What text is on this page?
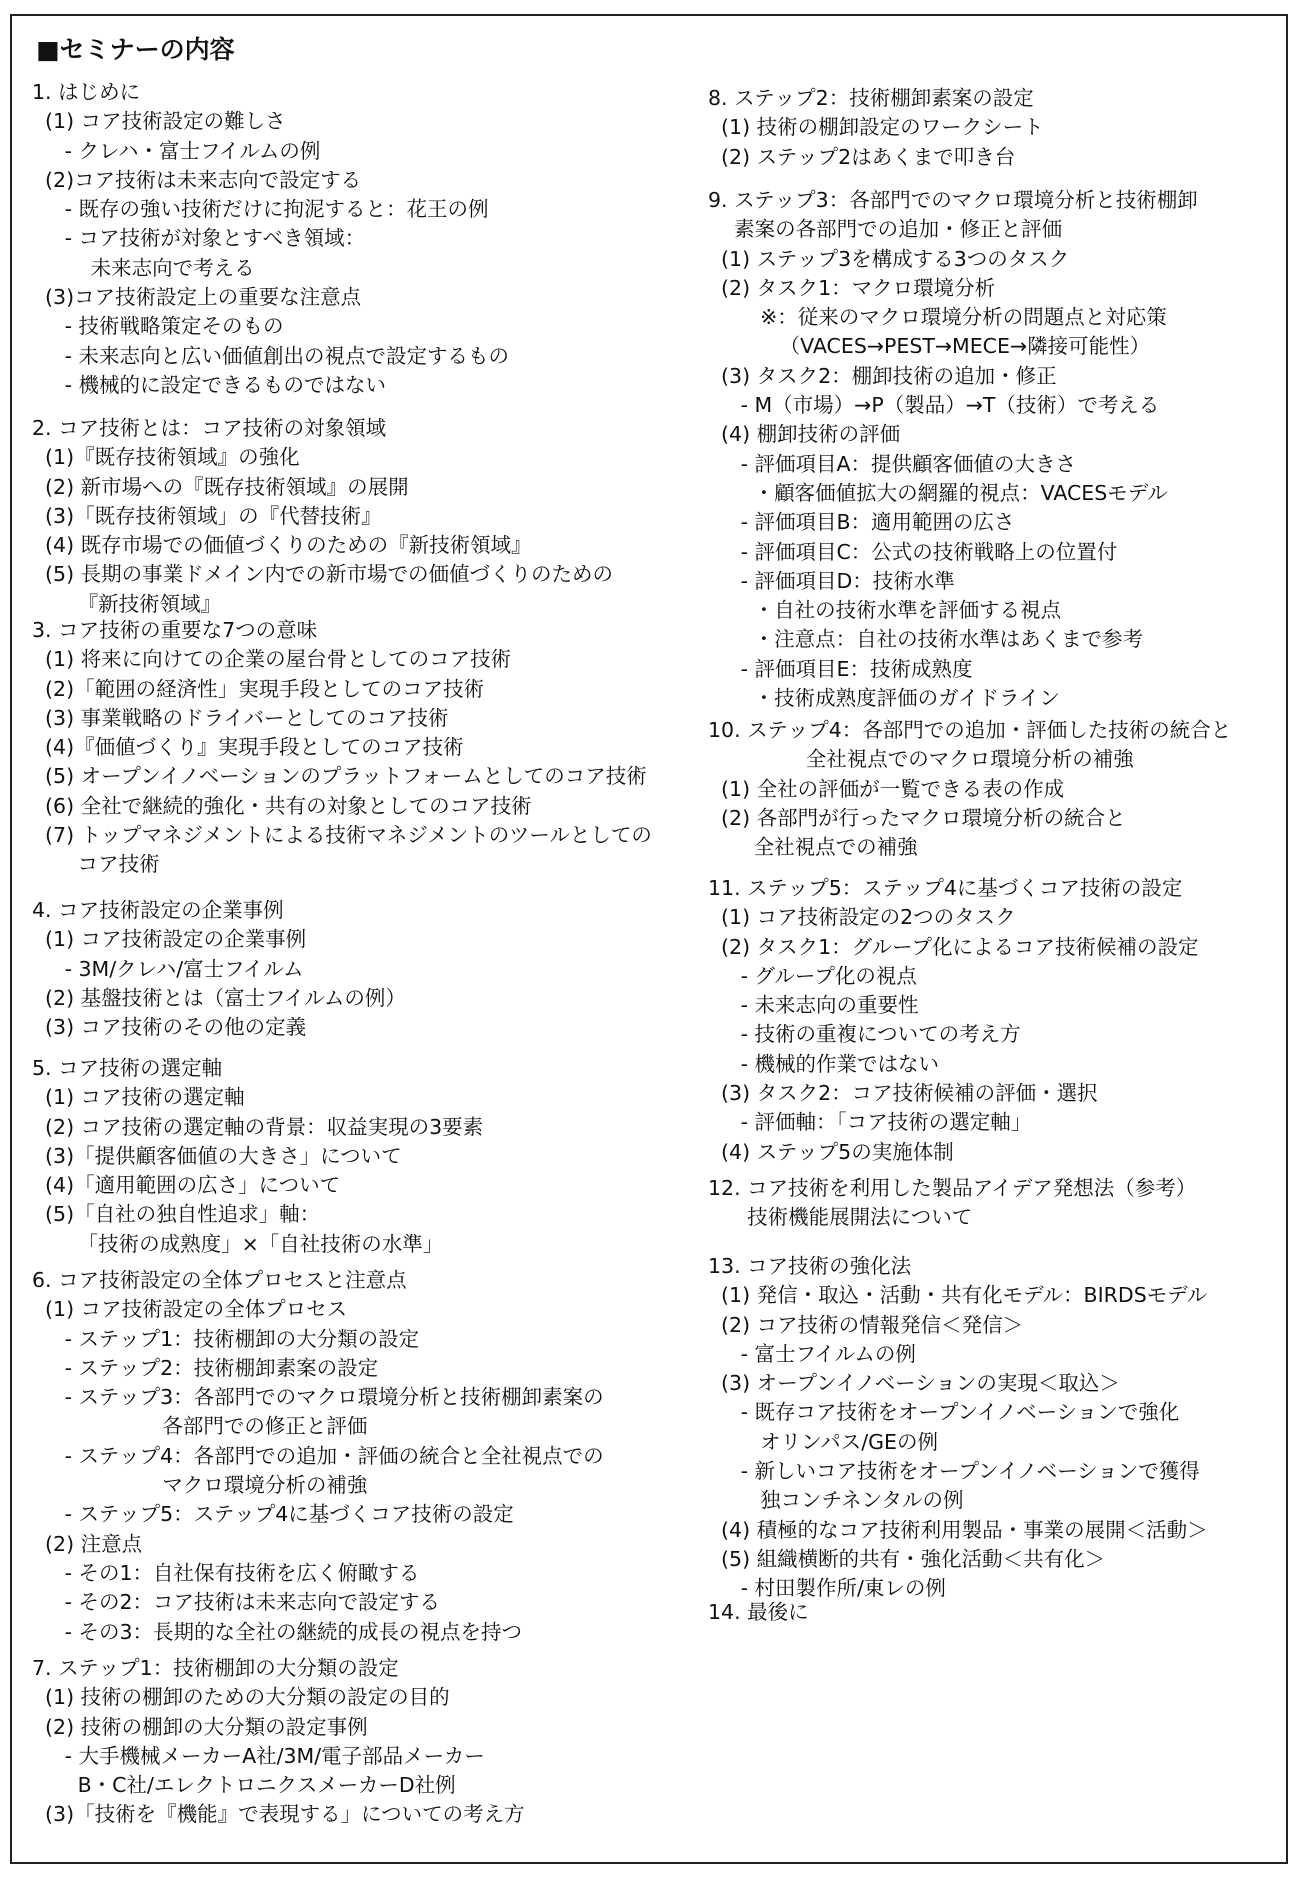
■セミナーの内容
1. はじめに
(1) コア技術設定の難しさ
- クレハ・富士フイルムの例
(2)コア技術は未来志向で設定する
- 既存の強い技術だけに拘泥すると：花王の例
- コア技術が対象とすべき領域：
未来志向で考える
(3)コア技術設定上の重要な注意点
- 技術戦略策定そのもの
- 未来志向と広い価値創出の視点で設定するもの
- 機械的に設定できるものではない
2. コア技術とは：コア技術の対象領域
(1)『既存技術領域』の強化
(2) 新市場への『既存技術領域』の展開
(3)「既存技術領域」の『代替技術』
(4) 既存市場での価値づくりのための『新技術領域』
(5) 長期の事業ドメイン内での新市場での価値づくりのための
『新技術領域』
3. コア技術の重要な7つの意味
(1) 将来に向けての企業の屋台骨としてのコア技術
(2)「範囲の経済性」実現手段としてのコア技術
(3) 事業戦略のドライバーとしてのコア技術
(4)『価値づくり』実現手段としてのコア技術
(5) オープンイノベーションのプラットフォームとしてのコア技術
(6) 全社で継続的強化・共有の対象としてのコア技術
(7) トップマネジメントによる技術マネジメントのツールとしての
コア技術
4. コア技術設定の企業事例
(1) コア技術設定の企業事例
- 3M/クレハ/富士フイルム
(2) 基盤技術とは（富士フイルムの例）
(3) コア技術のその他の定義
5. コア技術の選定軸
(1) コア技術の選定軸
(2) コア技術の選定軸の背景：収益実現の3要素
(3)「提供顧客価値の大きさ」について
(4)「適用範囲の広さ」について
(5)「自社の独自性追求」軸：
「技術の成熟度」×「自社技術の水準」
6. コア技術設定の全体プロセスと注意点
(1) コア技術設定の全体プロセス
- ステップ1：技術棚卸の大分類の設定
- ステップ2：技術棚卸素案の設定
- ステップ3：各部門でのマクロ環境分析と技術棚卸素案の
各部門での修正と評価
- ステップ4：各部門での追加・評価の統合と全社視点での
マクロ環境分析の補強
- ステップ5：ステップ4に基づくコア技術の設定
(2) 注意点
- その1：自社保有技術を広く俯瞰する
- その2：コア技術は未来志向で設定する
- その3：長期的な全社の継続的成長の視点を持つ
7. ステップ1：技術棚卸の大分類の設定
(1) 技術の棚卸のための大分類の設定の目的
(2) 技術の棚卸の大分類の設定事例
- 大手機械メーカーA社/3M/電子部品メーカー
B・C社/エレクトロニクスメーカーD社例
(3)「技術を『機能』で表現する」についての考え方
8. ステップ2：技術棚卸素案の設定
(1) 技術の棚卸設定のワークシート
(2) ステップ2はあくまで叩き台
9. ステップ3：各部門でのマクロ環境分析と技術棚卸
素案の各部門での追加・修正と評価
(1) ステップ3を構成する3つのタスク
(2) タスク1：マクロ環境分析
※：従来のマクロ環境分析の問題点と対応策
（VACES→PEST→MECE→隣接可能性）
(3) タスク2：棚卸技術の追加・修正
- M（市場）→P（製品）→T（技術）で考える
(4) 棚卸技術の評価
- 評価項目A：提供顧客価値の大きさ
・顧客価値拡大の網羅的視点：VACESモデル
- 評価項目B：適用範囲の広さ
- 評価項目C：公式の技術戦略上の位置付
- 評価項目D：技術水準
・自社の技術水準を評価する視点
・注意点：自社の技術水準はあくまで参考
- 評価項目E：技術成熟度
・技術成熟度評価のガイドライン
10. ステップ4：各部門での追加・評価した技術の統合と
全社視点でのマクロ環境分析の補強
(1) 全社の評価が一覧できる表の作成
(2) 各部門が行ったマクロ環境分析の統合と
全社視点での補強
11. ステップ5：ステップ4に基づくコア技術の設定
(1) コア技術設定の2つのタスク
(2) タスク1：グループ化によるコア技術候補の設定
- グループ化の視点
- 未来志向の重要性
- 技術の重複についての考え方
- 機械的作業ではない
(3) タスク2：コア技術候補の評価・選択
- 評価軸：「コア技術の選定軸」
(4) ステップ5の実施体制
12. コア技術を利用した製品アイデア発想法（参考）
技術機能展開法について
13. コア技術の強化法
(1) 発信・取込・活動・共有化モデル：BIRDSモデル
(2) コア技術の情報発信＜発信＞
- 富士フイルムの例
(3) オープンイノベーションの実現＜取込＞
- 既存コア技術をオープンイノベーションで強化
オリンパス/GEの例
- 新しいコア技術をオープンイノベーションで獲得
独コンチネンタルの例
(4) 積極的なコア技術利用製品・事業の展開＜活動＞
(5) 組織横断的共有・強化活動＜共有化＞
- 村田製作所/東レの例
14. 最後に
